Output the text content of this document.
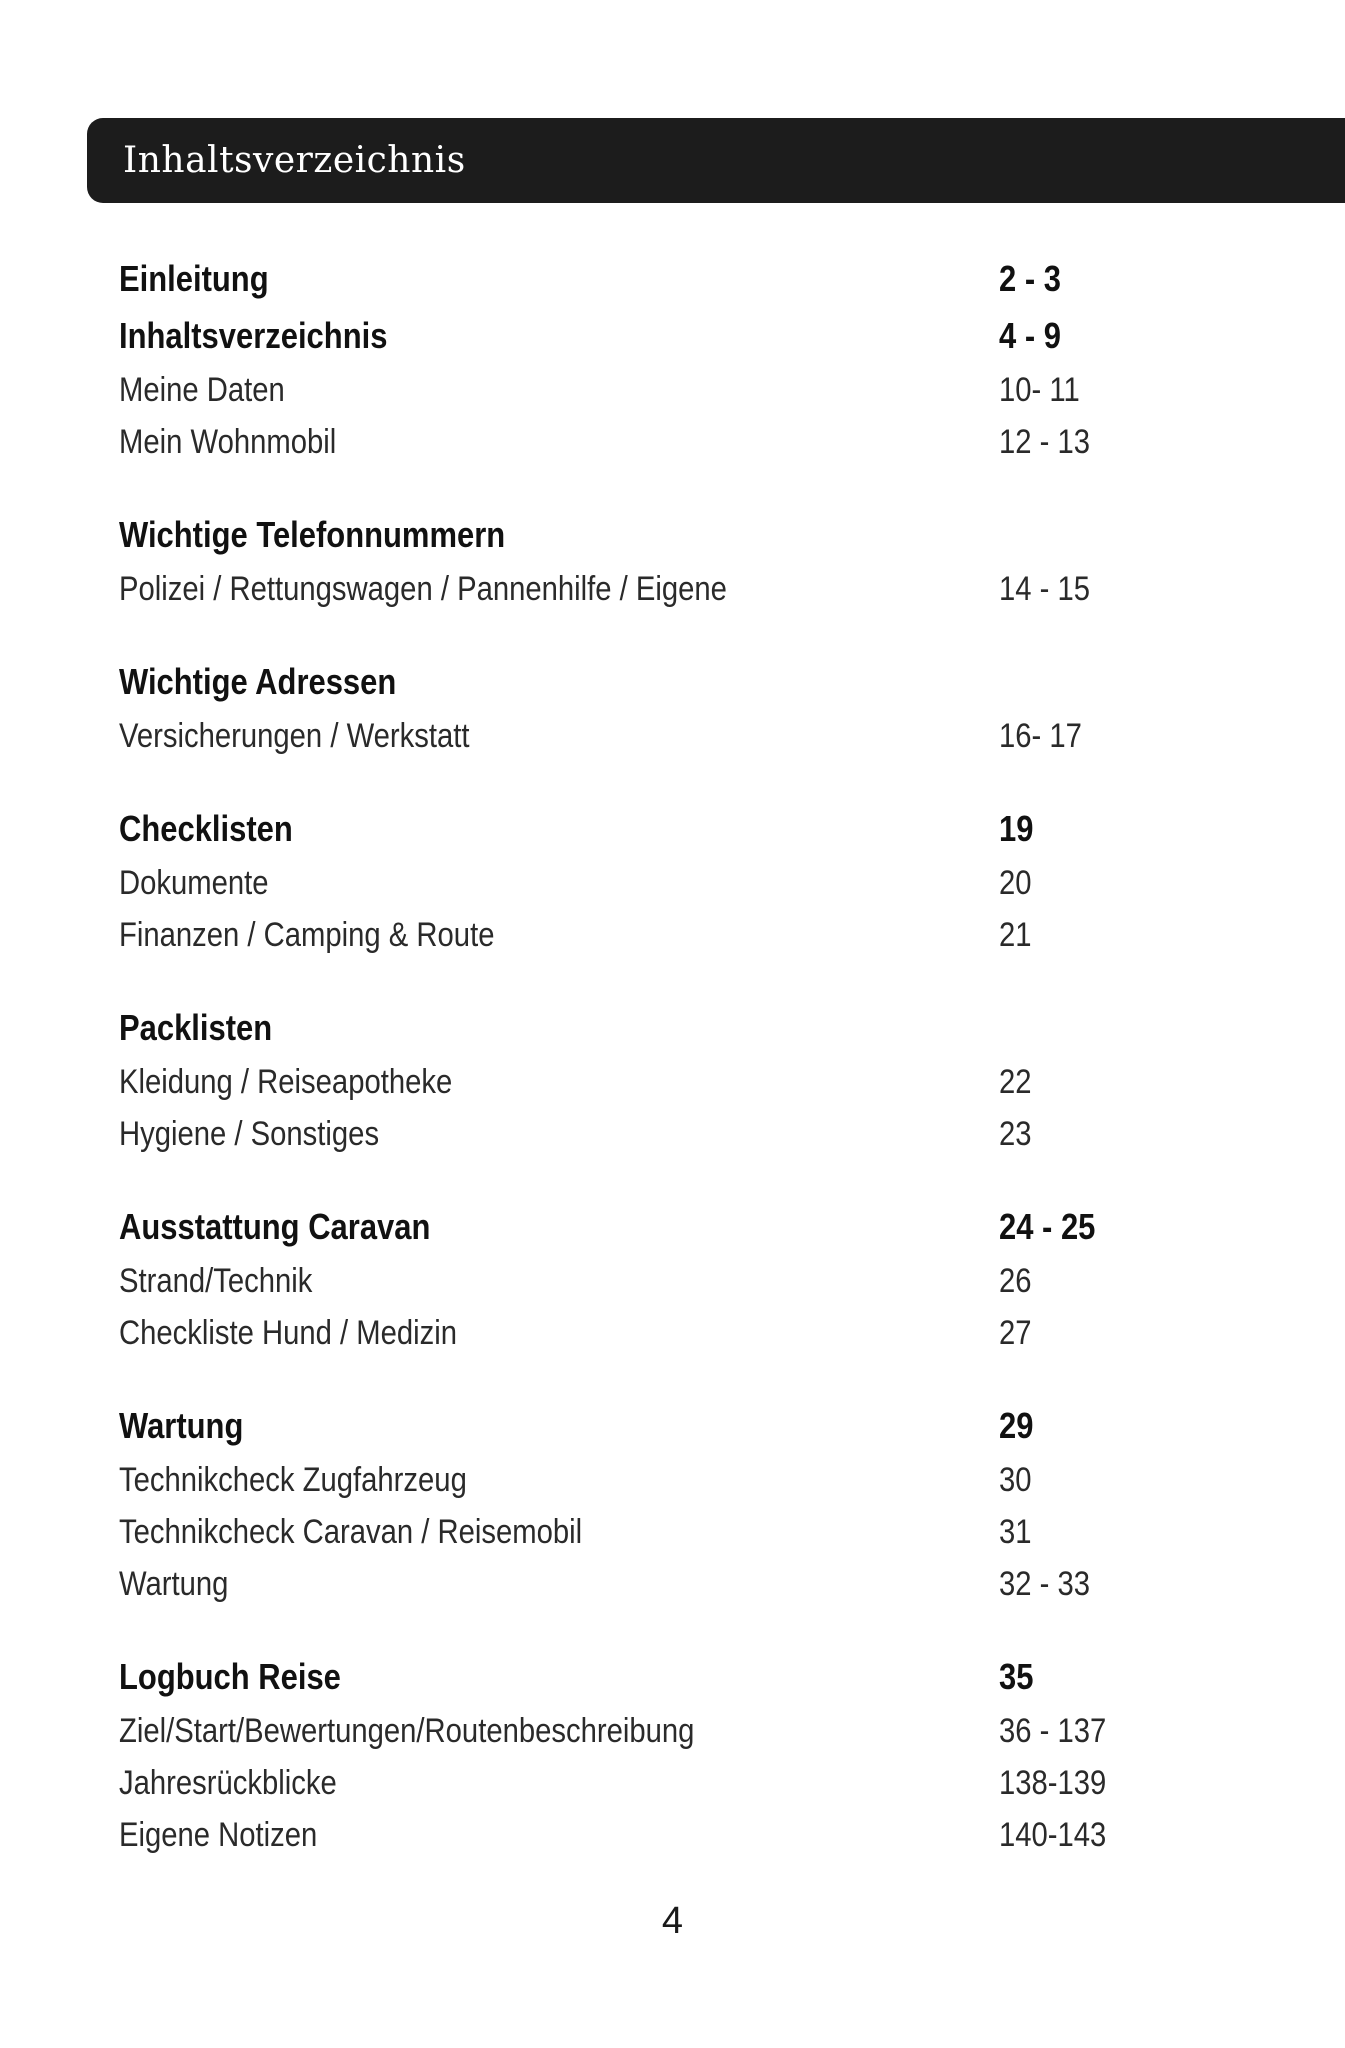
Inhaltsverzeichnis
Einleitung	2 - 3
Inhaltsverzeichnis	4 - 9
Meine Daten	10- 11
Mein Wohnmobil	12 - 13
Wichtige Telefonnummern
Polizei / Rettungswagen / Pannenhilfe / Eigene	14 - 15
Wichtige Adressen
Versicherungen / Werkstatt	16- 17
Checklisten	19
Dokumente	20
Finanzen / Camping & Route	21
Packlisten
Kleidung / Reiseapotheke	22
Hygiene / Sonstiges	23
Ausstattung Caravan	24 - 25
Strand/Technik	26
Checkliste Hund / Medizin	27
Wartung	29
Technikcheck Zugfahrzeug	30
Technikcheck Caravan / Reisemobil	31
Wartung	32 - 33
Logbuch Reise	35
Ziel/Start/Bewertungen/Routenbeschreibung	36 - 137
Jahresrückblicke	138-139
Eigene Notizen	140-143
4
